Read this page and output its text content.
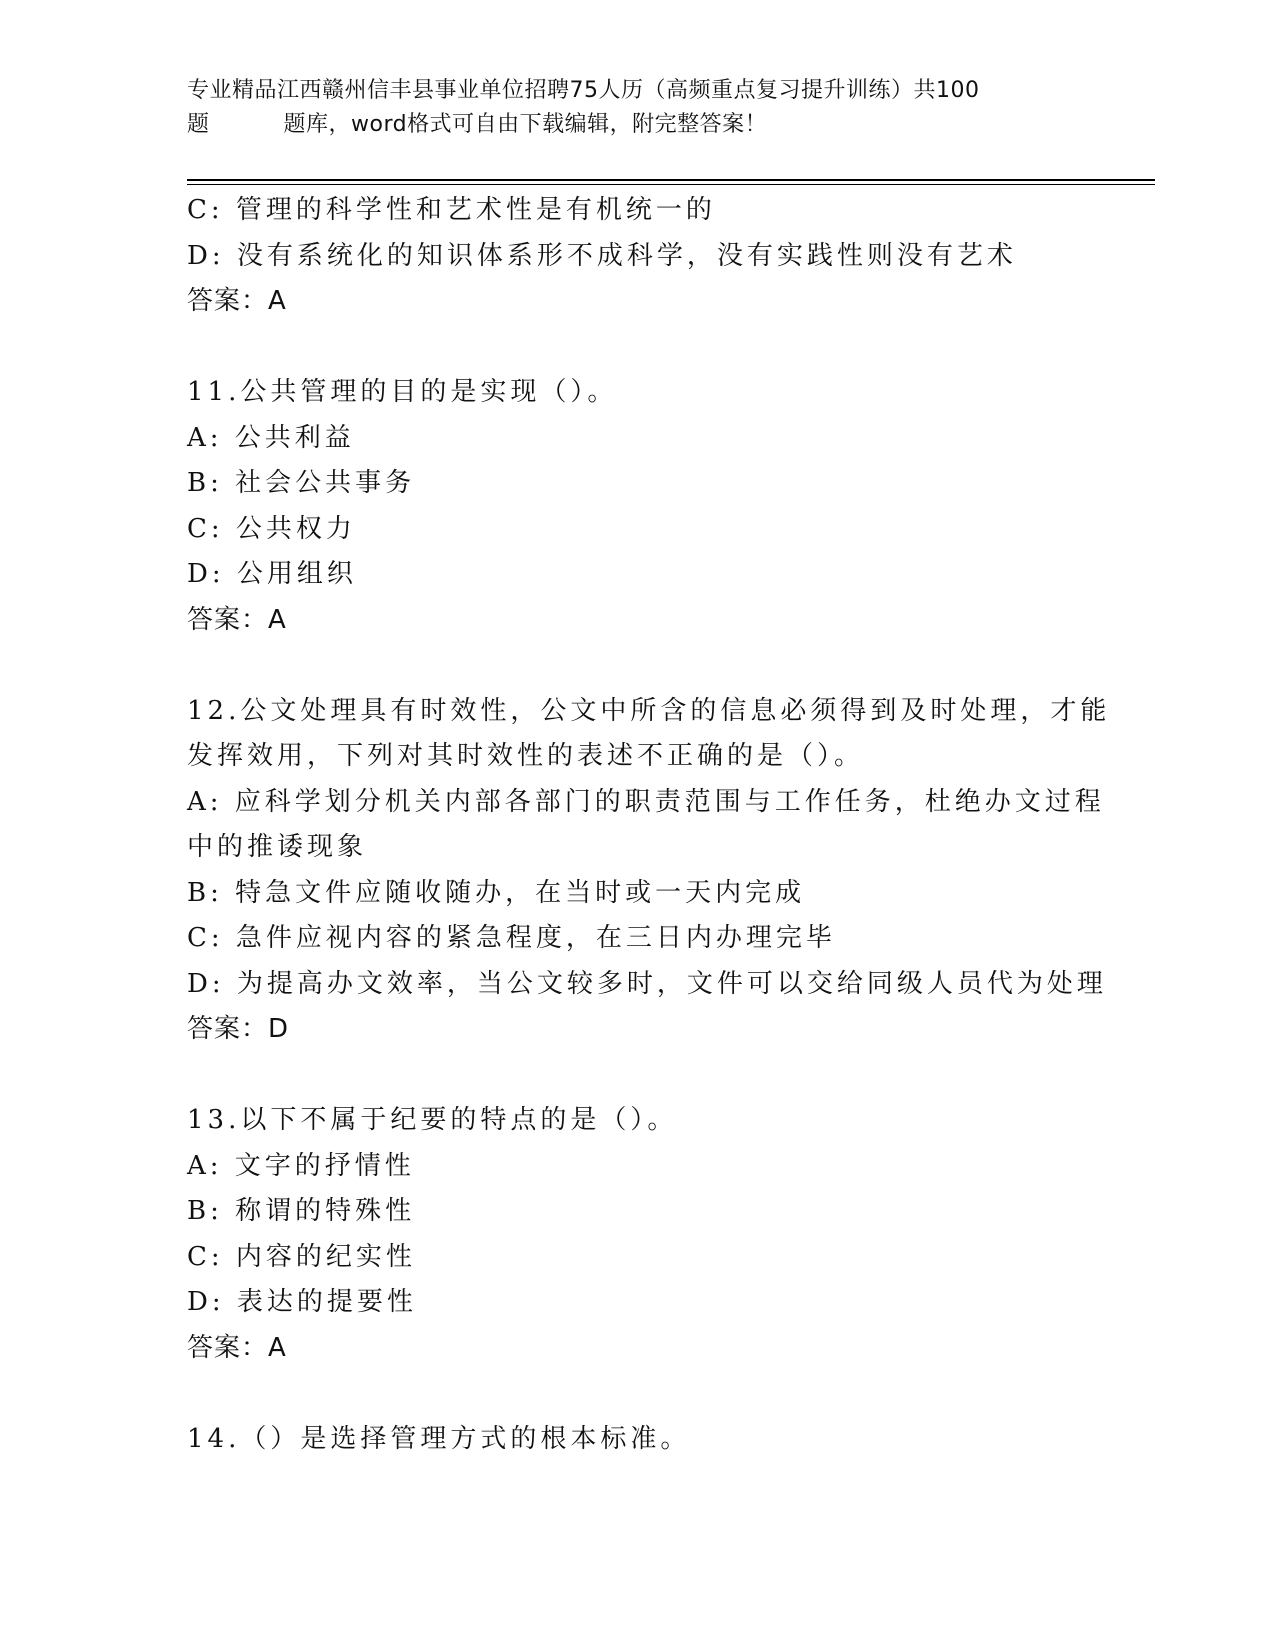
专业精品江西赣州信丰县事业单位招聘75人历（高频重点复习提升训练）共100
题	题库，word格式可自由下载编辑，附完整答案！
C: 管理的科学性和艺术性是有机统一的
D: 没有系统化的知识体系形不成科学，没有实践性则没有艺术
答案：A
11.公共管理的目的是实现（）。
A: 公共利益
B: 社会公共事务
C: 公共权力
D: 公用组织
答案：A
12.公文处理具有时效性，公文中所含的信息必须得到及时处理，才能
发挥效用，下列对其时效性的表述不正确的是（）。
A: 应科学划分机关内部各部门的职责范围与工作任务，杜绝办文过程
中的推诿现象
B: 特急文件应随收随办，在当时或一天内完成
C: 急件应视内容的紧急程度，在三日内办理完毕
D: 为提高办文效率，当公文较多时，文件可以交给同级人员代为处理
答案：D
13.以下不属于纪要的特点的是（）。
A: 文字的抒情性
B: 称谓的特殊性
C: 内容的纪实性
D: 表达的提要性
答案：A
14.（）是选择管理方式的根本标准。
